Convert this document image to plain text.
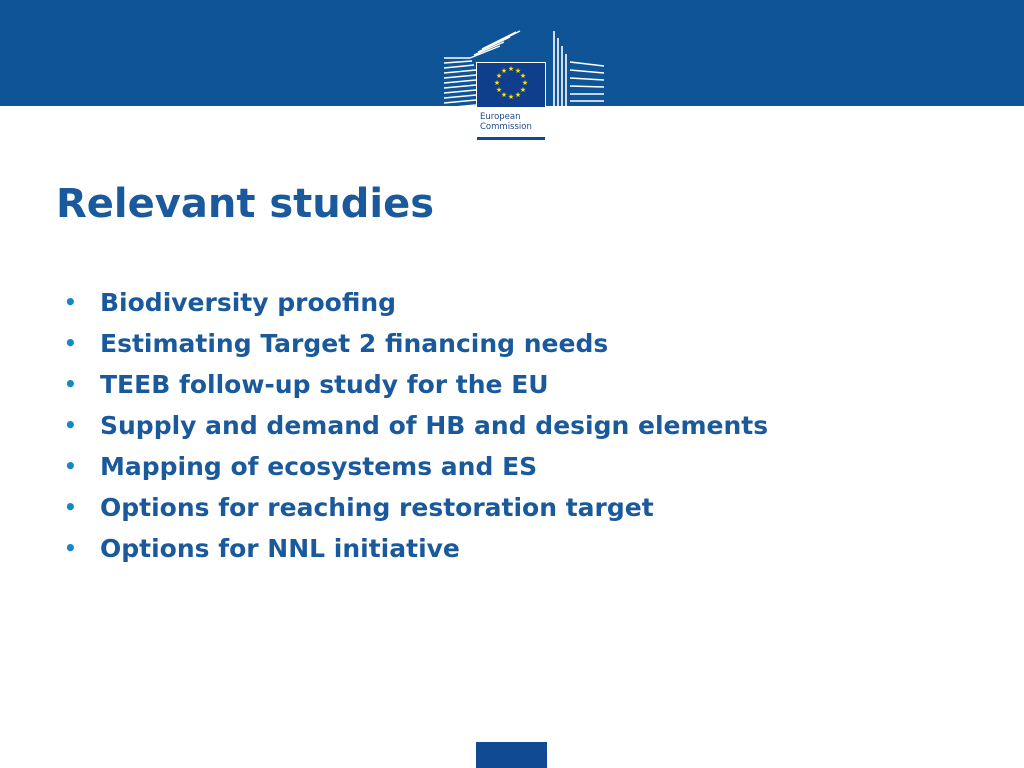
★ ★
★
★
★
★
★
★
★
★
★
★
European
Commission
Relevant studies
• Biodiversity proofing
• Estimating Target 2 financing needs
• TEEB follow-up study for the EU
• Supply and demand of HB and design elements
• Mapping of ecosystems and ES
• Options for reaching restoration target
• Options for NNL initiative
